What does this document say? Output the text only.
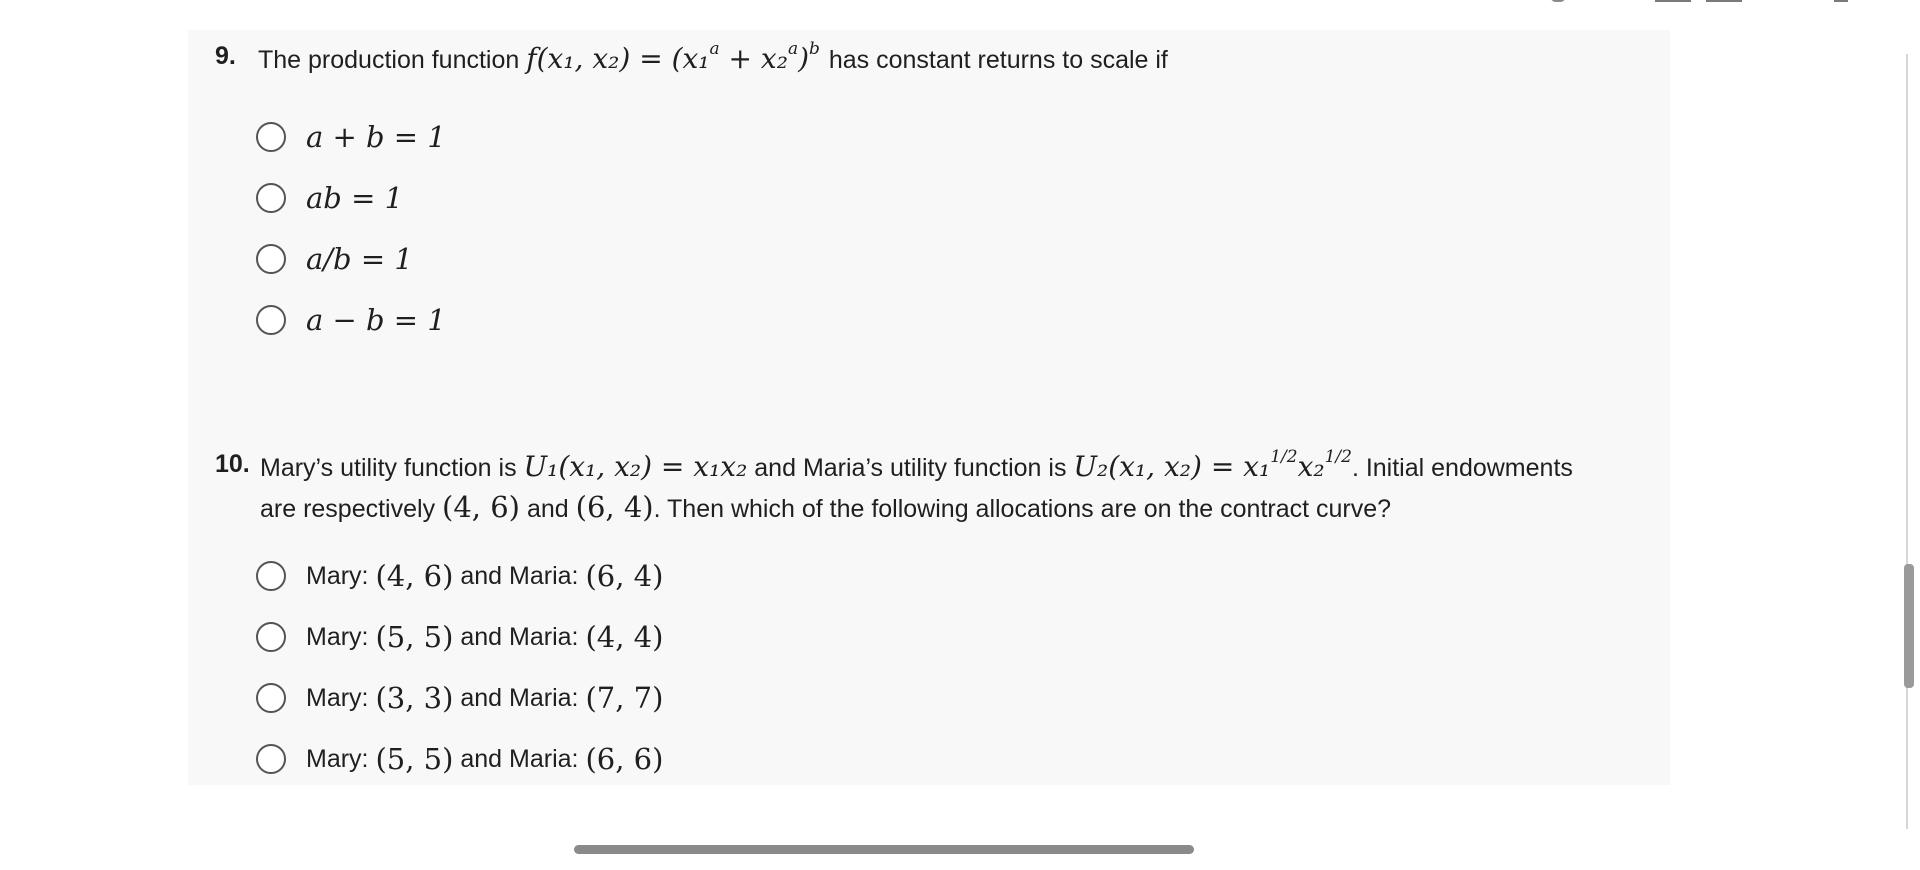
9. The production function f(x₁, $x_2) = (x_1^a + x_2^a)^b$ has constant returns to scale if
a + b = 1
ab = 1
a/b = 1
a − b = 1
10. Mary’s utility function is U₁(x₁, x₂) = x₁x₂ and Maria’s utility function is U₂(x₁, x₂) = x₁$^{1/2}$x₂$^{1/2}$. Initial endowments
are respectively (4, 6) and (6, 4). Then which of the following allocations are on the contract curve?
Mary: (4, 6) and Maria: (6, 4)
Mary: (5, 5) and Maria: (4, 4)
Mary: (3, 3) and Maria: (7, 7)
Mary: (5, 5) and Maria: (6, 6)
